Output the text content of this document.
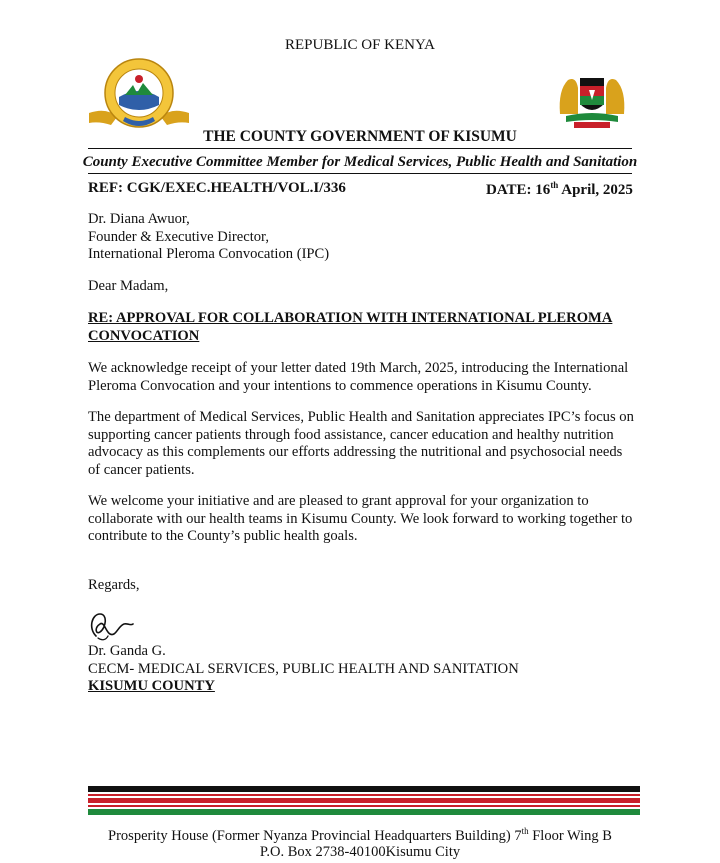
REPUBLIC OF KENYA
THE COUNTY GOVERNMENT OF KISUMU
County Executive Committee Member for Medical Services, Public Health and Sanitation
REF: CGK/EXEC.HEALTH/VOL.I/336	DATE: 16th April, 2025
Dr. Diana Awuor,
Founder & Executive Director,
International Pleroma Convocation (IPC)
Dear Madam,
RE: APPROVAL FOR COLLABORATION WITH INTERNATIONAL PLEROMA
CONVOCATION
We acknowledge receipt of your letter dated 19th March, 2025, introducing the International Pleroma Convocation and your intentions to commence operations in Kisumu County.
The department of Medical Services, Public Health and Sanitation appreciates IPC’s focus on supporting cancer patients through food assistance, cancer education and healthy nutrition advocacy as this complements our efforts addressing the nutritional and psychosocial needs of cancer patients.
We welcome your initiative and are pleased to grant approval for your organization to collaborate with our health teams in Kisumu County. We look forward to working together to contribute to the County’s public health goals.
Regards,
Dr. Ganda G.
CECM- MEDICAL SERVICES, PUBLIC HEALTH AND SANITATION
KISUMU COUNTY
Prosperity House (Former Nyanza Provincial Headquarters Building) 7th Floor Wing B
P.O. Box 2738-40100Kisumu City
